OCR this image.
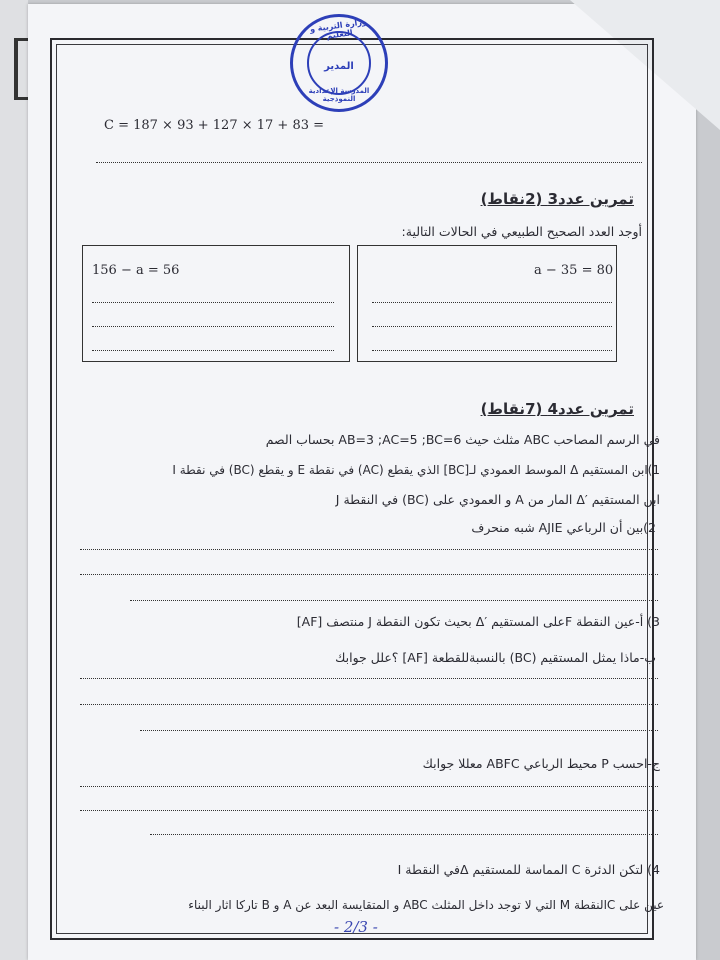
وزارة التربية و التعليم
المدير
المدرسة الإعدادية النموذجية
C = 187 × 93 + 127 × 17 + 83 =
تمرين عدد3 (2نقاط)
أوجد العدد الصحيح الطبيعي في الحالات التالية:
156 − a = 56	a − 35 = 80
تمرين عدد4 (7نقاط)
في الرسم المصاحب ABC مثلث حيث AB=3 ;AC=5 ;BC=6 بحساب الصم
1)ابن المستقيم Δ الموسط العمودي لـ[BC] الذي يقطع (AC) في نقطة E و يقطع (BC) في نقطة I
ابن المستقيم ′Δ المار من A و العمودي على (BC) في النقطة J
2)بين أن الرباعي AJIE شبه منحرف
3) أ-عين النقطة Fعلى المستقيم ′Δ بحيث تكون النقطة J منتصف [AF]
ب-ماذا يمثل المستقيم (BC) بالنسبةللقطعة [AF] ؟علل جوابك
ج-احسب P محيط الرباعي ABFC معللا جوابك
4) لتكن الدئرة C المماسة للمستقيم Δفي النقطة I
عين على Cالنقطة M التي لا توجد داخل المثلث ABC و المتقايسة البعد عن A و B تاركا اثار البناء
- 2/3 -
